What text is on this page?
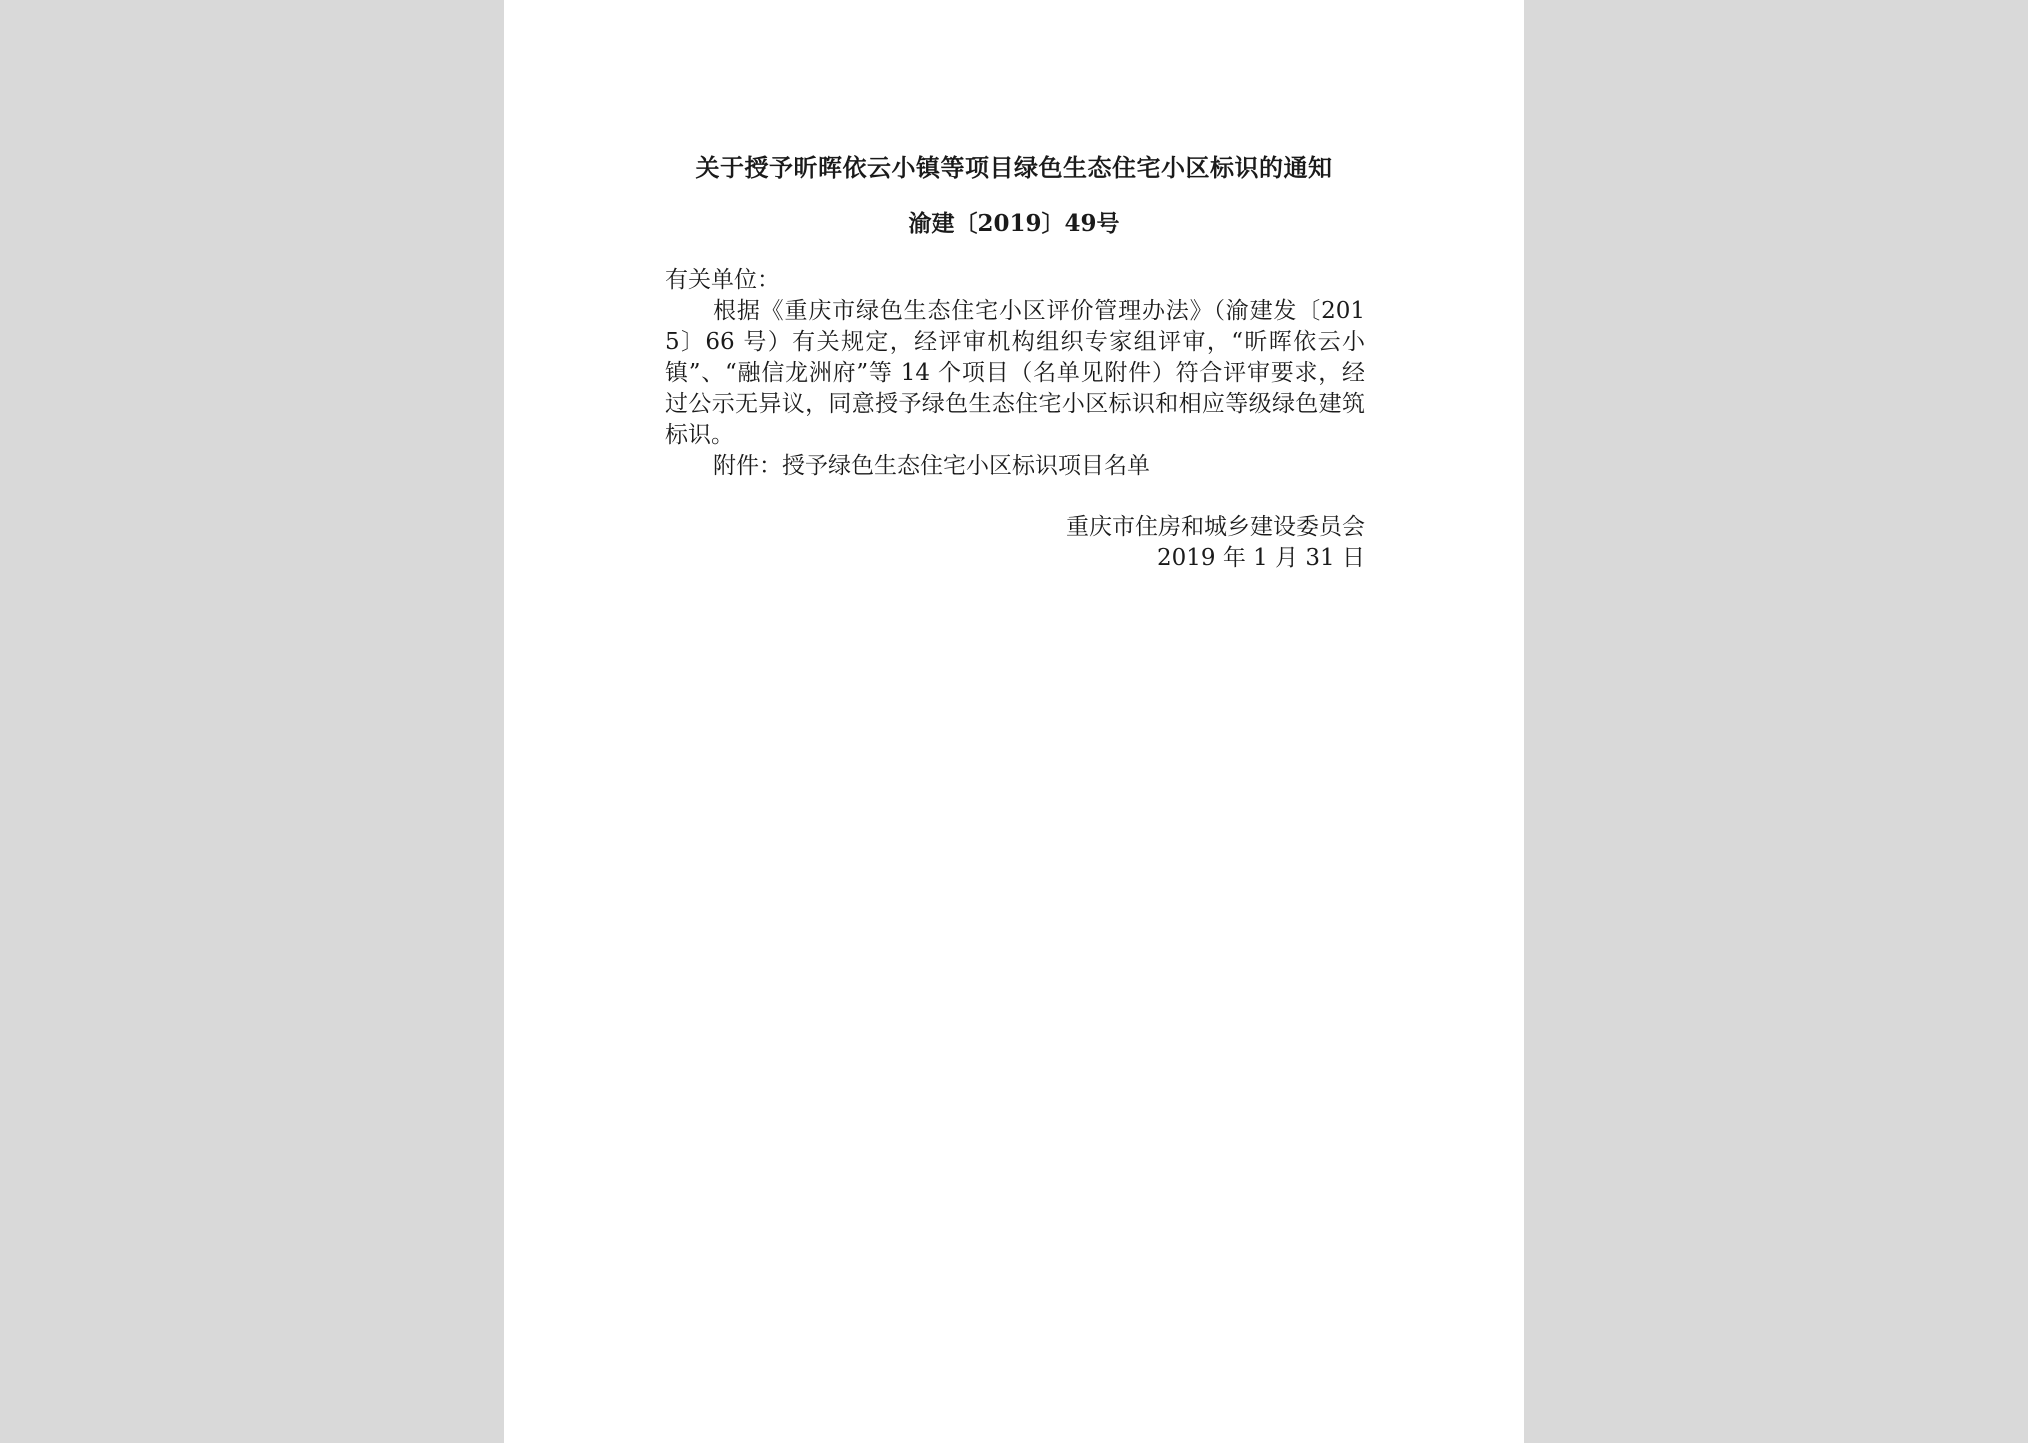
关于授予昕晖依云小镇等项目绿色生态住宅小区标识的通知
渝建〔2019〕49号

有关单位：

根据《重庆市绿色生态住宅小区评价管理办法》（渝建发〔2015〕66 号）有关规定，经评审机构组织专家组评审，“昕晖依云小镇”、“融信龙洲府”等 14 个项目（名单见附件）符合评审要求，经过公示无异议，同意授予绿色生态住宅小区标识和相应等级绿色建筑标识。

附件：授予绿色生态住宅小区标识项目名单

重庆市住房和城乡建设委员会
2019 年 1 月 31 日
